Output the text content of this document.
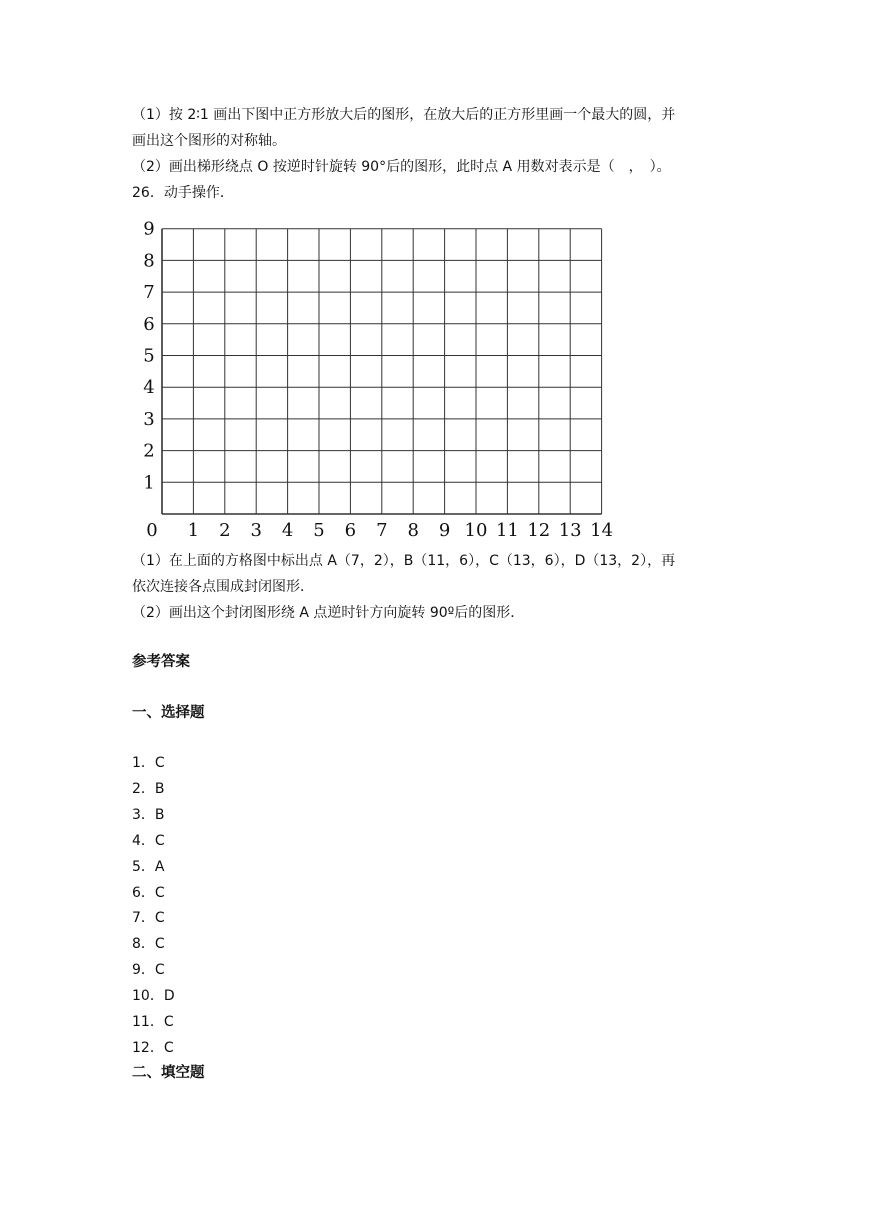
（1）按 2∶1 画出下图中正方形放大后的图形，在放大后的正方形里画一个最大的圆，并
画出这个图形的对称轴。
（2）画出梯形绕点 O 按逆时针旋转 90°后的图形，此时点 A 用数对表示是（　，　）。
26．动手操作．
0 1 2 3 4 5 6 7 8 9 10 11 12 13 14
1
2
3
4
5
6
7
8
9
（1）在上面的方格图中标出点 A（7，2），B（11，6），C（13，6），D（13，2），再
依次连接各点围成封闭图形．
（2）画出这个封闭图形绕 A 点逆时针方向旋转 90º后的图形．
参考答案
一、选择题
1．C
2．B
3．B
4．C
5．A
6．C
7．C
8．C
9．C
10．D
11．C
12．C
二、填空题
